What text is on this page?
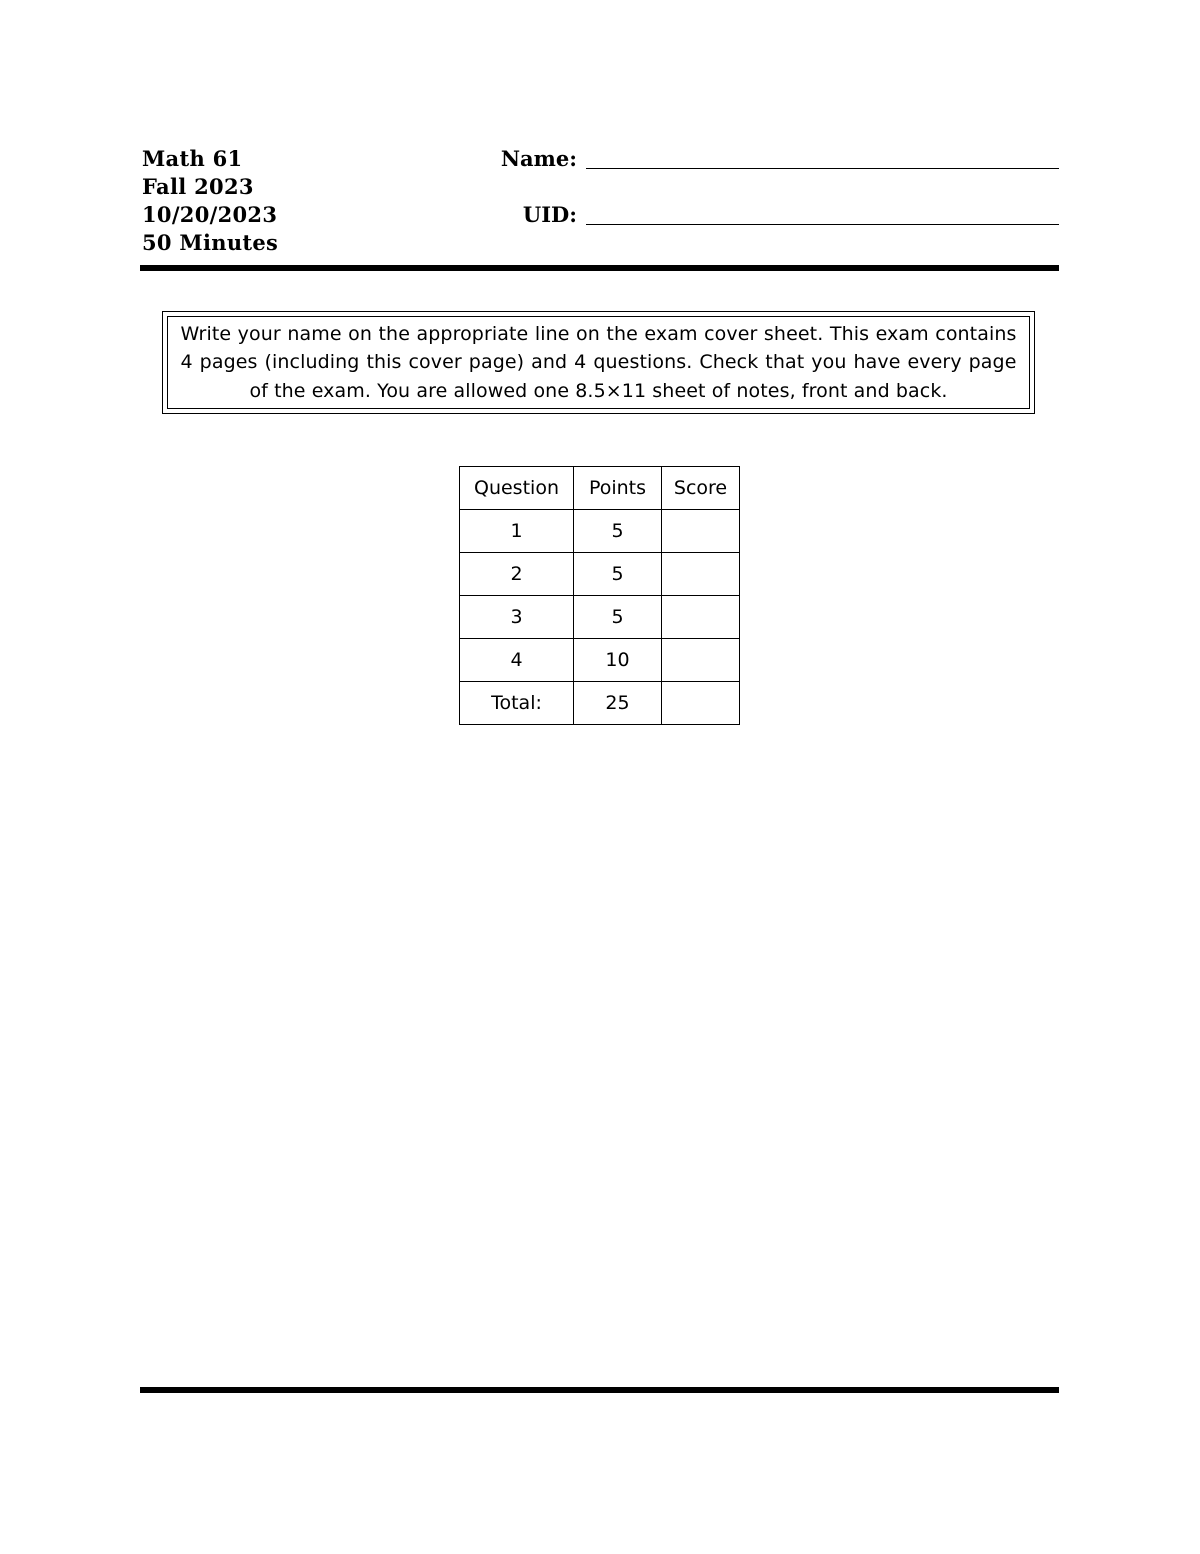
Math 61
Fall 2023
10/20/2023
50 Minutes
Name:
UID:
Write your name on the appropriate line on the exam cover sheet. This exam contains 4 pages (including this cover page) and 4 questions. Check that you have every page of the exam. You are allowed one 8.5×11 sheet of notes, front and back.
Question	Points	Score
1	5	
2	5	
3	5	
4	10	
Total:	25	
